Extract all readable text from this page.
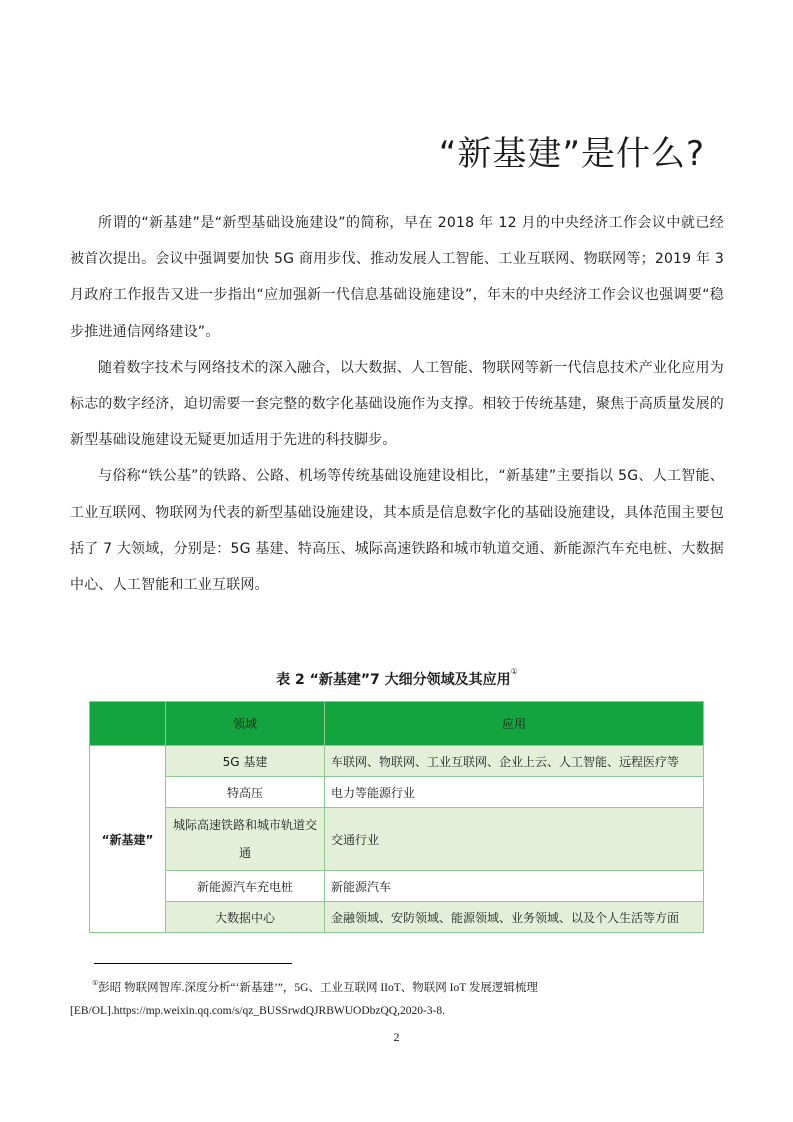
“新基建”是什么?

所谓的“新基建”是“新型基础设施建设”的简称，早在 2018 年 12 月的中央经济工作会议中就已经被首次提出。会议中强调要加快 5G 商用步伐、推动发展人工智能、工业互联网、物联网等；2019 年 3 月政府工作报告又进一步指出“应加强新一代信息基础设施建设”，年末的中央经济工作会议也强调要“稳步推进通信网络建设”。

随着数字技术与网络技术的深入融合，以大数据、人工智能、物联网等新一代信息技术产业化应用为标志的数字经济，迫切需要一套完整的数字化基础设施作为支撑。相较于传统基建，聚焦于高质量发展的新型基础设施建设无疑更加适用于先进的科技脚步。

与俗称“铁公基”的铁路、公路、机场等传统基础设施建设相比，“新基建”主要指以 5G、人工智能、工业互联网、物联网为代表的新型基础设施建设，其本质是信息数字化的基础设施建设，具体范围主要包括了 7 大领域，分别是：5G 基建、特高压、城际高速铁路和城市轨道交通、新能源汽车充电桩、大数据中心、人工智能和工业互联网。

表 2 “新基建”7 大细分领域及其应用①

	领域	应用
“新基建”	5G 基建	车联网、物联网、工业互联网、企业上云、人工智能、远程医疗等
	特高压	电力等能源行业
	城际高速铁路和城市轨道交通	交通行业
	新能源汽车充电桩	新能源汽车
	大数据中心	金融领域、安防领域、能源领域、业务领域、以及个人生活等方面

①彭昭 物联网智库.深度分析“‘新基建’”，5G、工业互联网 IIoT、物联网 IoT 发展逻辑梳理

[EB/OL].https://mp.weixin.qq.com/s/qz_BUSSrwdQJRBWUODbzQQ,2020-3-8.

2
